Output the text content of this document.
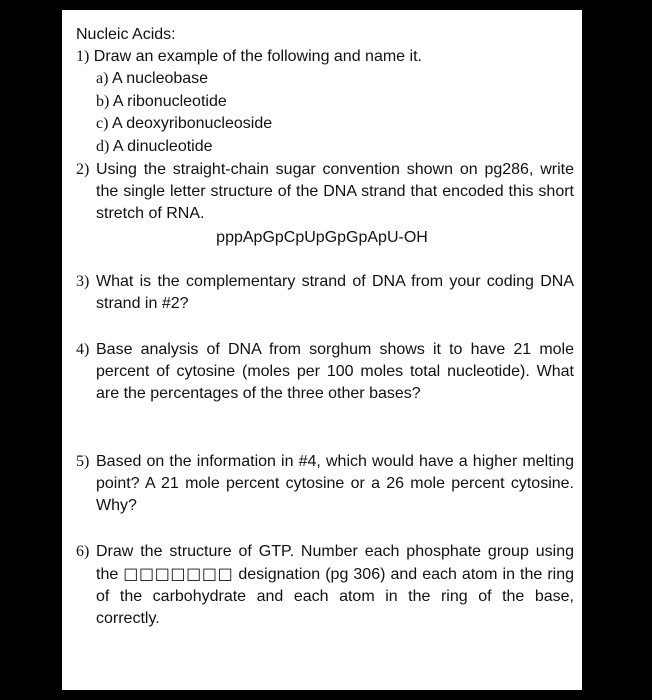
Nucleic Acids:
1) Draw an example of the following and name it.
a) A nucleobase
b) A ribonucleotide
c) A deoxyribonucleoside
d) A dinucleotide
2) Using the straight-chain sugar convention shown on pg286, write the single letter structure of the DNA strand that encoded this short stretch of RNA.
pppApGpCpUpGpGpApU-OH
3) What is the complementary strand of DNA from your coding DNA strand in #2?
4) Base analysis of DNA from sorghum shows it to have 21 mole percent of cytosine (moles per 100 moles total nucleotide). What are the percentages of the three other bases?
5) Based on the information in #4, which would have a higher melting point? A 21 mole percent cytosine or a 26 mole percent cytosine. Why?
6) Draw the structure of GTP. Number each phosphate group using the □□□□□□□ designation (pg 306) and each atom in the ring of the carbohydrate and each atom in the ring of the base, correctly.
